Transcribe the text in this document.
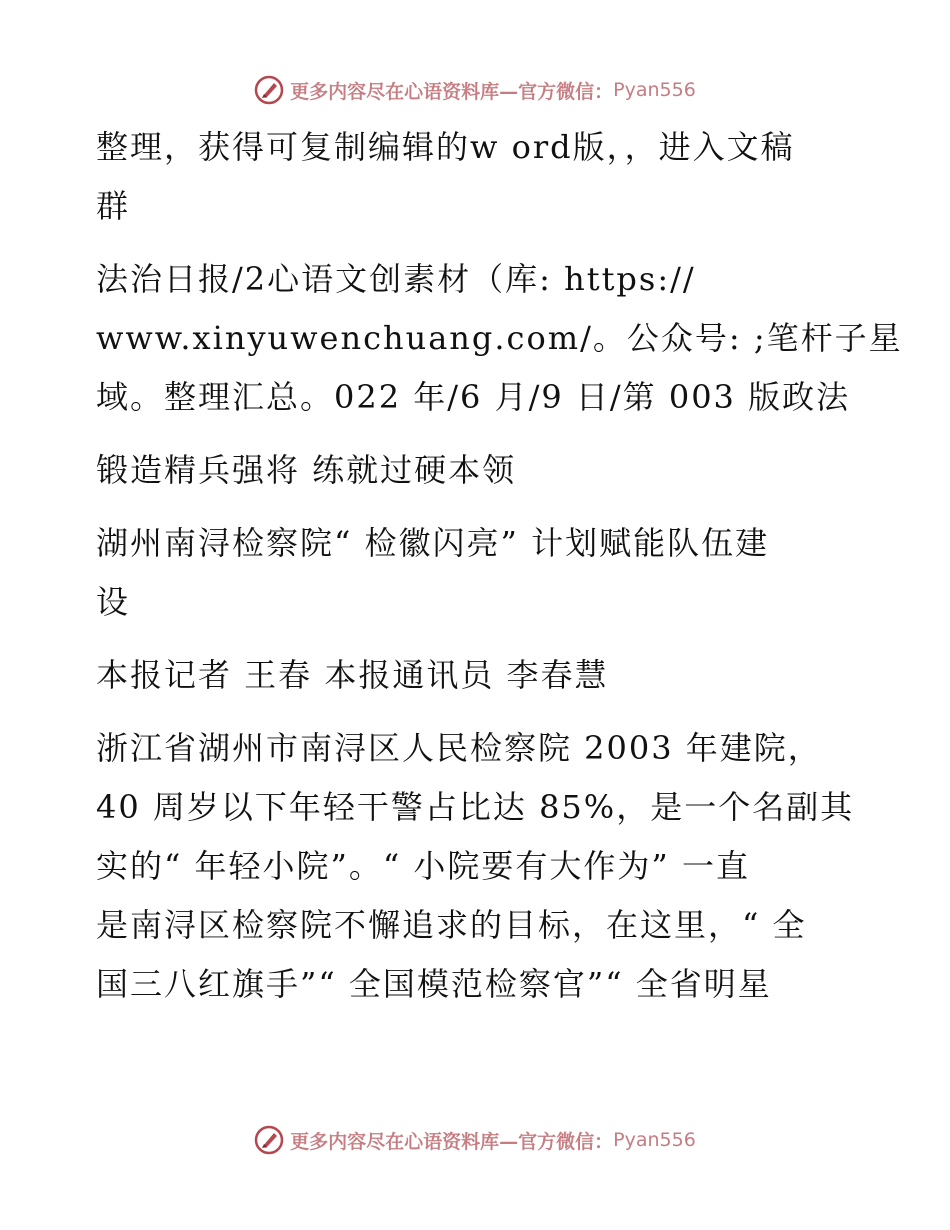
更多内容尽在心语资料库—官方微信： Pyan556
整理，获得可复制编辑的w ord版，，进入文稿
群
法治日报/2心语文创素材（库: https://
www.xinyuwenchuang.com/。公众号: ;笔杆子星
域。整理汇总。022 年/6 月/9 日/第 003 版政法
锻造精兵强将 练就过硬本领
湖州南浔检察院“ 检徽闪亮” 计划赋能队伍建
设
本报记者 王春 本报通讯员 李春慧
浙江省湖州市南浔区人民检察院 2003 年建院，
40 周岁以下年轻干警占比达 85%，是一个名副其
实的“ 年轻小院”。“ 小院要有大作为” 一直
是南浔区检察院不懈追求的目标，在这里，“ 全
国三八红旗手”“ 全国模范检察官”“ 全省明星
更多内容尽在心语资料库—官方微信： Pyan556
